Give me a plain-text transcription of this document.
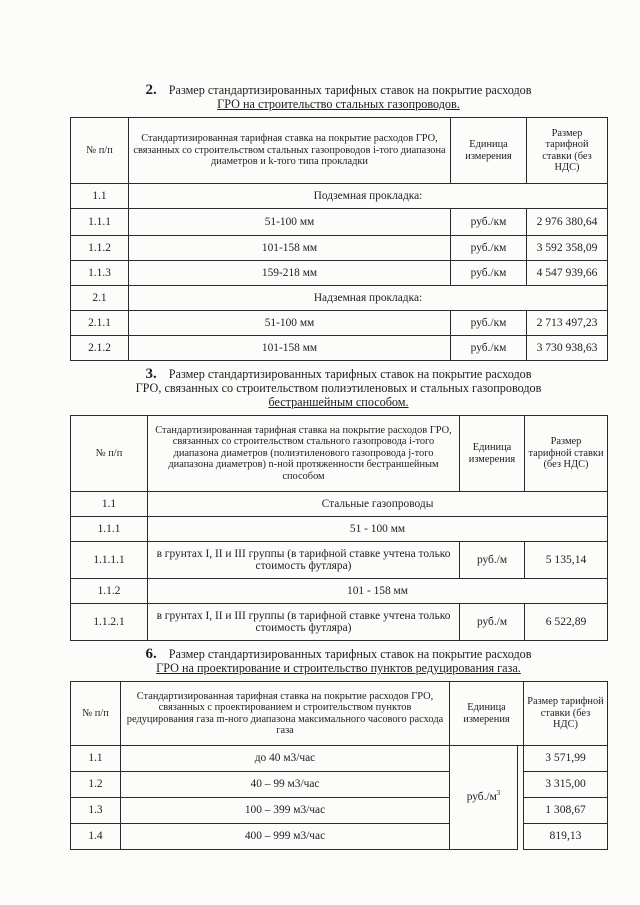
2. Размер стандартизированных тарифных ставок на покрытие расходов
ГРО на строительство стальных газопроводов.
№ п/п	Стандартизированная тарифная ставка на покрытие расходов ГРО, связанных со строительством стальных газопроводов i-того диапазона диаметров и k-того типа прокладки	Единица измерения	Размер тарифной ставки (без НДС)
1.1	Подземная прокладка:		
1.1.1	51-100 мм	руб./км	2 976 380,64
1.1.2	101-158 мм	руб./км	3 592 358,09
1.1.3	159-218 мм	руб./км	4 547 939,66
2.1	Надземная прокладка:		
2.1.1	51-100 мм	руб./км	2 713 497,23
2.1.2	101-158 мм	руб./км	3 730 938,63
3. Размер стандартизированных тарифных ставок на покрытие расходов
ГРО, связанных со строительством полиэтиленовых и стальных газопроводов
бестраншейным способом.
№ п/п	Стандартизированная тарифная ставка на покрытие расходов ГРО, связанных со строительством стального газопровода i-того диапазона диаметров (полиэтиленового газопровода j-того диапазона диаметров) n-ной протяженности бестраншейным способом	Единица измерения	Размер тарифной ставки (без НДС)
1.1	Стальные газопроводы		
1.1.1	51 - 100 мм		
1.1.1.1	в грунтах I, II и III группы (в тарифной ставке учтена только стоимость футляра)	руб./м	5 135,14
1.1.2	101 - 158 мм		
1.1.2.1	в грунтах I, II и III группы (в тарифной ставке учтена только стоимость футляра)	руб./м	6 522,89
6. Размер стандартизированных тарифных ставок на покрытие расходов
ГРО на проектирование и строительство пунктов редуцирования газа.
№ п/п	Стандартизированная тарифная ставка на покрытие расходов ГРО, связанных с проектированием и строительством пунктов редуцирования газа m-ного диапазона максимального часового расхода газа	Единица измерения		Размер тарифной ставки (без НДС)
1.1	до 40 м3/час	$руб./м^3$		3 571,99
1.2	40 – 99 м3/час			3 315,00
1.3	100 – 399 м3/час			1 308,67
1.4	400 – 999 м3/час			819,13
